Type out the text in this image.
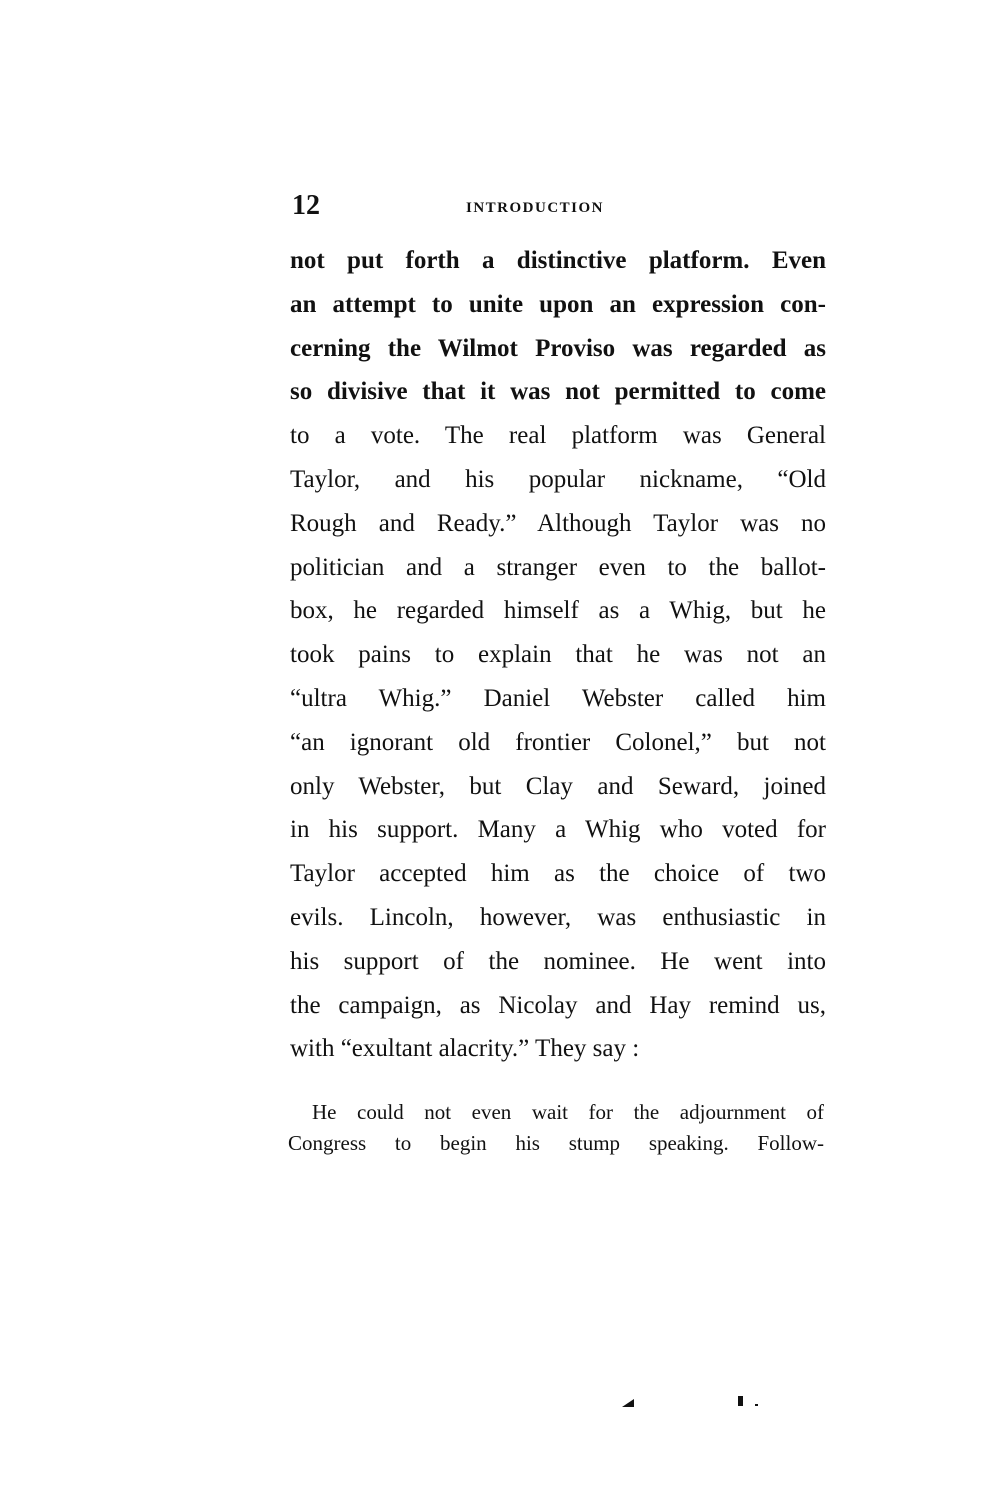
12	INTRODUCTION
not put forth a distinctive platform. Even
an attempt to unite upon an expression con-
cerning the Wilmot Proviso was regarded as
so divisive that it was not permitted to come
to a vote. The real platform was General
Taylor, and his popular nickname, “Old
Rough and Ready.” Although Taylor was no
politician and a stranger even to the ballot-
box, he regarded himself as a Whig, but he
took pains to explain that he was not an
“ultra Whig.” Daniel Webster called him
“an ignorant old frontier Colonel,” but not
only Webster, but Clay and Seward, joined
in his support. Many a Whig who voted for
Taylor accepted him as the choice of two
evils. Lincoln, however, was enthusiastic in
his support of the nominee. He went into
the campaign, as Nicolay and Hay remind us,
with “exultant alacrity.” They say :
He could not even wait for the adjournment of
Congress to begin his stump speaking. Follow-
